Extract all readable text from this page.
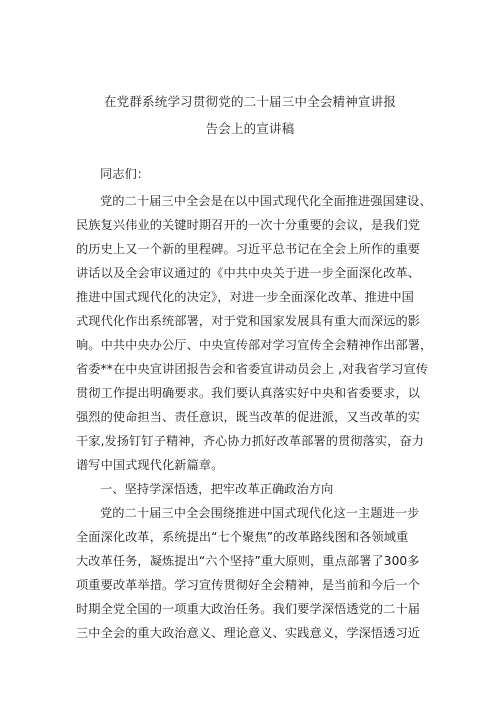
在党群系统学习贯彻党的二十届三中全会精神宣讲报
告会上的宣讲稿
同志们：
党的二十届三中全会是在以中国式现代化全面推进强国建设、
民族复兴伟业的关键时期召开的一次十分重要的会议，是我们党
的历史上又一个新的里程碑。习近平总书记在全会上所作的重要
讲话以及全会审议通过的《中共中央关于进一步全面深化改革、
推进中国式现代化的决定》，对进一步全面深化改革、推进中国
式现代化作出系统部署，对于党和国家发展具有重大而深远的影
响。中共中央办公厅、中央宣传部对学习宣传全会精神作出部署，
省委**在中央宣讲团报告会和省委宣讲动员会上 ,对我省学习宣传
贯彻工作提出明确要求。我们要认真落实好中央和省委要求，以
强烈的使命担当、责任意识，既当改革的促进派，又当改革的实
干家,发扬钉钉子精神，齐心协力抓好改革部署的贯彻落实，奋力
谱写中国式现代化新篇章。
一、坚持学深悟透，把牢改革正确政治方向
党的二十届三中全会围绕推进中国式现代化这一主题进一步
全面深化改革，系统提出“七个聚焦”的改革路线图和各领域重
大改革任务，凝炼提出“六个坚持”重大原则，重点部署了300多
项重要改革举措。学习宣传贯彻好全会精神，是当前和今后一个
时期全党全国的一项重大政治任务。我们要学深悟透党的二十届
三中全会的重大政治意义、理论意义、实践意义，学深悟透习近
